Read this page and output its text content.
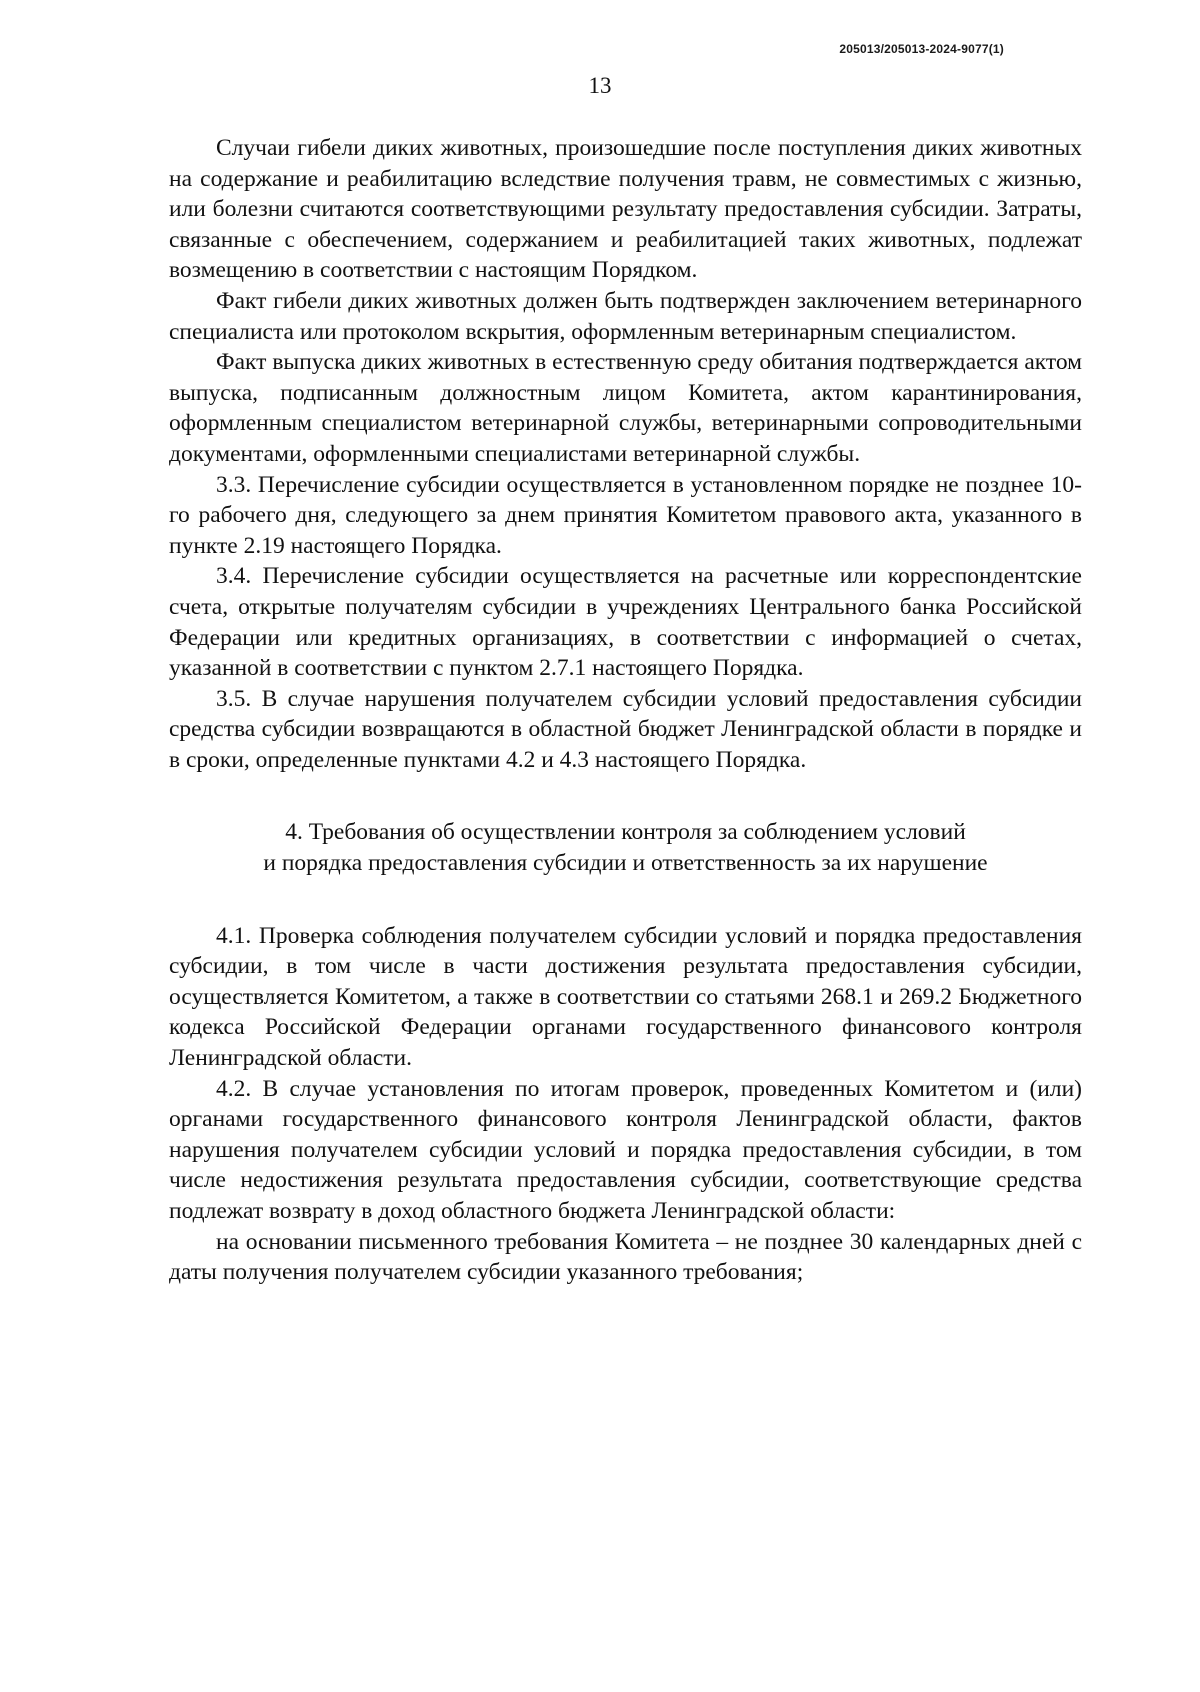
205013/205013-2024-9077(1)
13

Случаи гибели диких животных, произошедшие после поступления диких животных на содержание и реабилитацию вследствие получения травм, не совместимых с жизнью, или болезни считаются соответствующими результату предоставления субсидии. Затраты, связанные с обеспечением, содержанием и реабилитацией таких животных, подлежат возмещению в соответствии с настоящим Порядком.

Факт гибели диких животных должен быть подтвержден заключением ветеринарного специалиста или протоколом вскрытия, оформленным ветеринарным специалистом.

Факт выпуска диких животных в естественную среду обитания подтверждается актом выпуска, подписанным должностным лицом Комитета, актом карантинирования, оформленным специалистом ветеринарной службы, ветеринарными сопроводительными документами, оформленными специалистами ветеринарной службы.

3.3. Перечисление субсидии осуществляется в установленном порядке не позднее 10-го рабочего дня, следующего за днем принятия Комитетом правового акта, указанного в пункте 2.19 настоящего Порядка.

3.4. Перечисление субсидии осуществляется на расчетные или корреспондентские счета, открытые получателям субсидии в учреждениях Центрального банка Российской Федерации или кредитных организациях, в соответствии с информацией о счетах, указанной в соответствии с пунктом 2.7.1 настоящего Порядка.

3.5. В случае нарушения получателем субсидии условий предоставления субсидии средства субсидии возвращаются в областной бюджет Ленинградской области в порядке и в сроки, определенные пунктами 4.2 и 4.3 настоящего Порядка.

4. Требования об осуществлении контроля за соблюдением условий
и порядка предоставления субсидии и ответственность за их нарушение

4.1. Проверка соблюдения получателем субсидии условий и порядка предоставления субсидии, в том числе в части достижения результата предоставления субсидии, осуществляется Комитетом, а также в соответствии со статьями 268.1 и 269.2 Бюджетного кодекса Российской Федерации органами государственного финансового контроля Ленинградской области.

4.2. В случае установления по итогам проверок, проведенных Комитетом и (или) органами государственного финансового контроля Ленинградской области, фактов нарушения получателем субсидии условий и порядка предоставления субсидии, в том числе недостижения результата предоставления субсидии, соответствующие средства подлежат возврату в доход областного бюджета Ленинградской области:

на основании письменного требования Комитета – не позднее 30 календарных дней с даты получения получателем субсидии указанного требования;
